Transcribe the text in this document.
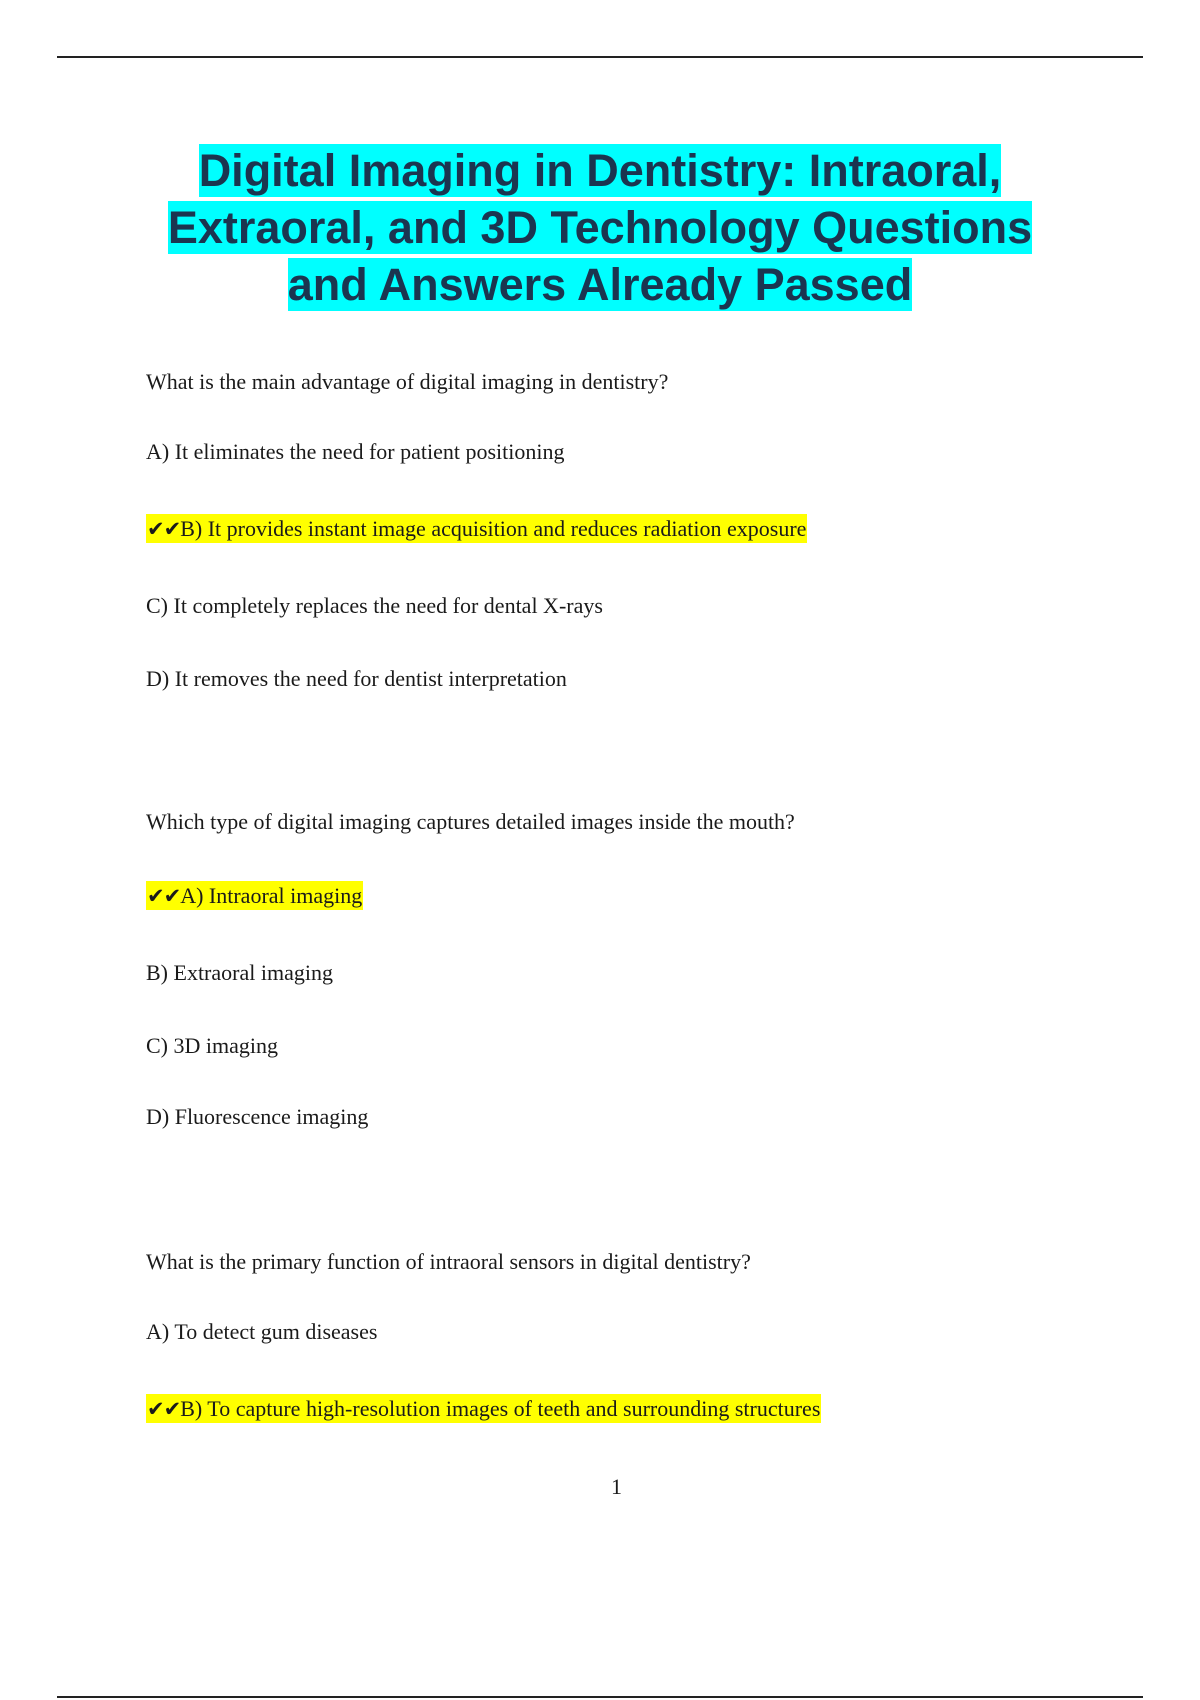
Digital Imaging in Dentistry: Intraoral,
Extraoral, and 3D Technology Questions
and Answers Already Passed
What is the main advantage of digital imaging in dentistry?
A) It eliminates the need for patient positioning
✔✔B) It provides instant image acquisition and reduces radiation exposure
C) It completely replaces the need for dental X-rays
D) It removes the need for dentist interpretation
Which type of digital imaging captures detailed images inside the mouth?
✔✔A) Intraoral imaging
B) Extraoral imaging
C) 3D imaging
D) Fluorescence imaging
What is the primary function of intraoral sensors in digital dentistry?
A) To detect gum diseases
✔✔B) To capture high-resolution images of teeth and surrounding structures
1
